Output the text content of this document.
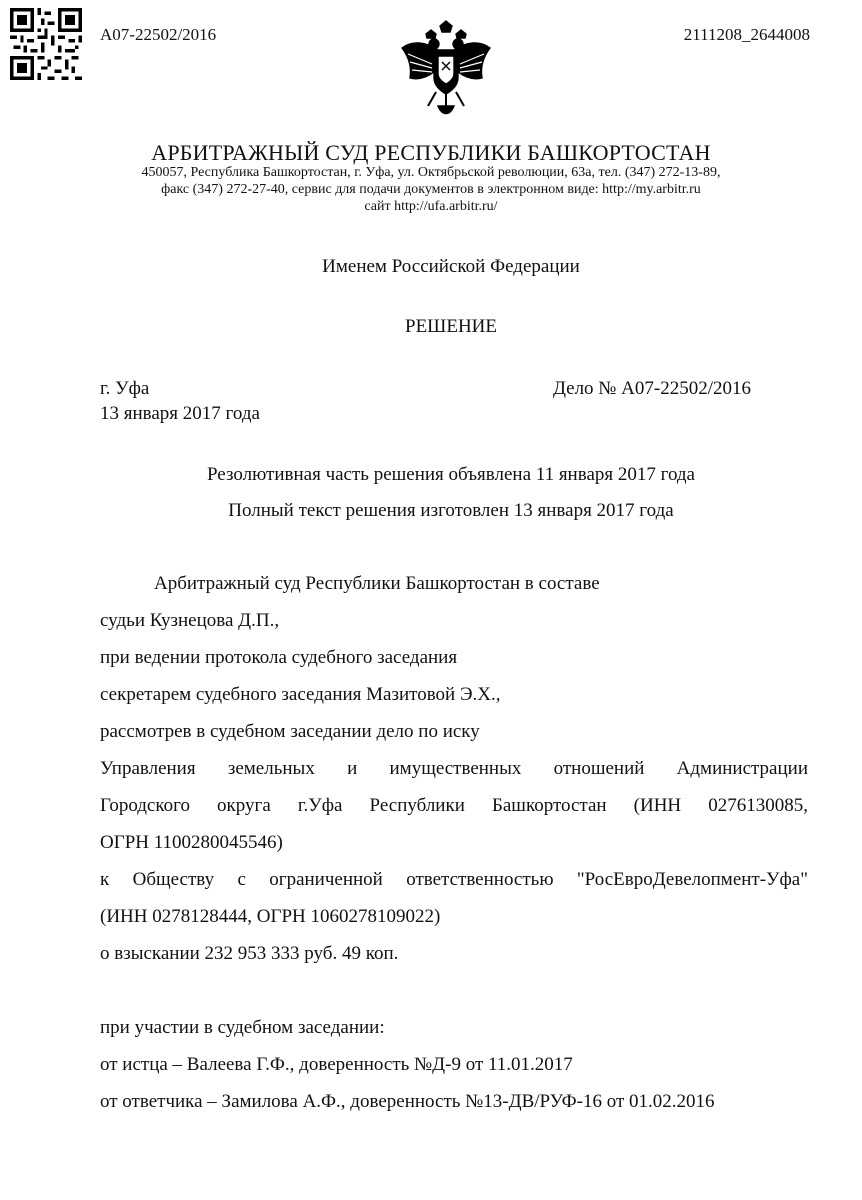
А07-22502/2016	2111208_2644008
АРБИТРАЖНЫЙ СУД РЕСПУБЛИКИ БАШКОРТОСТАН
450057, Республика Башкортостан, г. Уфа, ул. Октябрьской революции, 63а, тел. (347) 272-13-89,
факс (347) 272-27-40, сервис для подачи документов в электронном виде: http://my.arbitr.ru
сайт http://ufa.arbitr.ru/
Именем Российской Федерации
РЕШЕНИЕ
г. Уфа	Дело № А07-22502/2016
13 января 2017 года
Резолютивная часть решения объявлена 11 января 2017 года
Полный текст решения изготовлен 13 января 2017 года
Арбитражный суд Республики Башкортостан в составе
судьи Кузнецова Д.П.,
при ведении протокола судебного заседания
секретарем судебного заседания Мазитовой Э.Х.,
рассмотрев в судебном заседании дело по иску
Управления земельных и имущественных отношений Администрации
Городского округа г.Уфа Республики Башкортостан (ИНН 0276130085,
ОГРН 1100280045546)
к Обществу с ограниченной ответственностью "РосЕвроДевелопмент-Уфа"
(ИНН 0278128444, ОГРН 1060278109022)
о взыскании 232 953 333 руб. 49 коп.
при участии в судебном заседании:
от истца – Валеева Г.Ф., доверенность №Д-9 от 11.01.2017
от ответчика – Замилова А.Ф., доверенность №13-ДВ/РУФ-16 от 01.02.2016
